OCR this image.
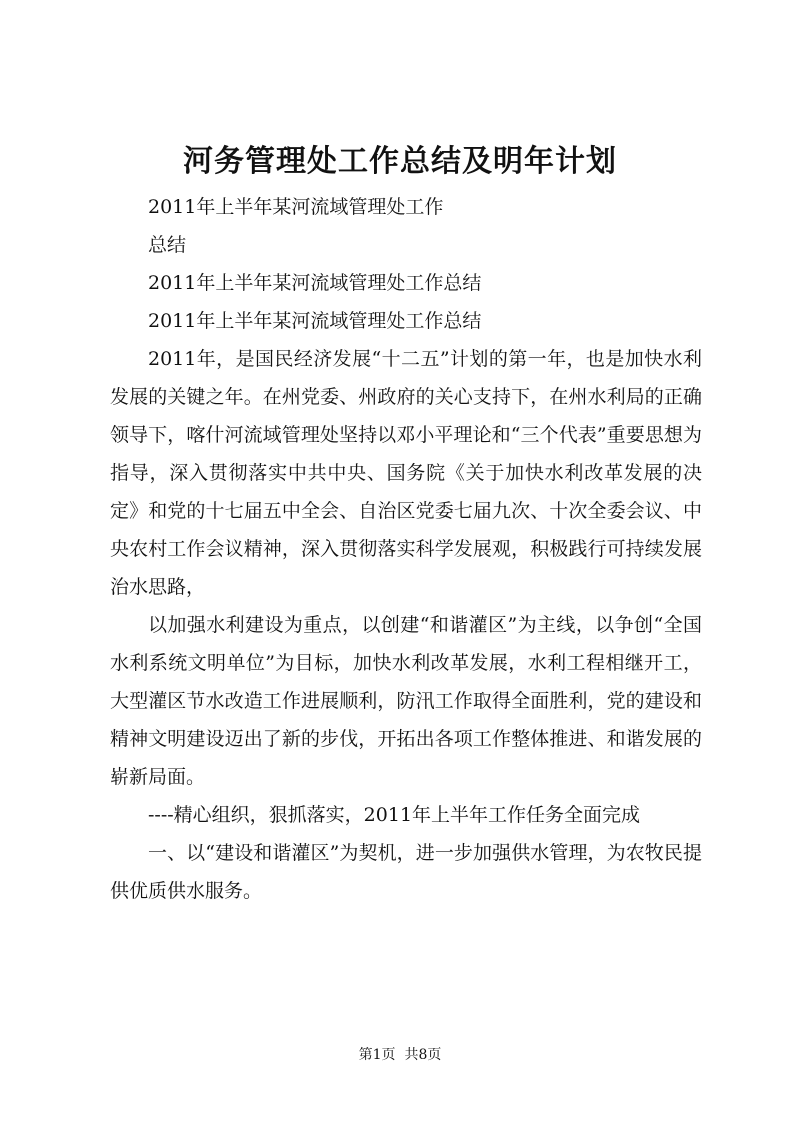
河务管理处工作总结及明年计划

2011年上半年某河流域管理处工作

总结

2011年上半年某河流域管理处工作总结

2011年上半年某河流域管理处工作总结

2011年，是国民经济发展“十二五”计划的第一年，也是加快水利发展的关键之年。在州党委、州政府的关心支持下，在州水利局的正确领导下，喀什河流域管理处坚持以邓小平理论和“三个代表”重要思想为指导，深入贯彻落实中共中央、国务院《关于加快水利改革发展的决定》和党的十七届五中全会、自治区党委七届九次、十次全委会议、中央农村工作会议精神，深入贯彻落实科学发展观，积极践行可持续发展治水思路，

以加强水利建设为重点，以创建“和谐灌区”为主线，以争创“全国水利系统文明单位”为目标，加快水利改革发展，水利工程相继开工，大型灌区节水改造工作进展顺利，防汛工作取得全面胜利，党的建设和精神文明建设迈出了新的步伐，开拓出各项工作整体推进、和谐发展的崭新局面。

----精心组织，狠抓落实，2011年上半年工作任务全面完成

一、以“建设和谐灌区”为契机，进一步加强供水管理，为农牧民提供优质供水服务。

第1页 共8页
